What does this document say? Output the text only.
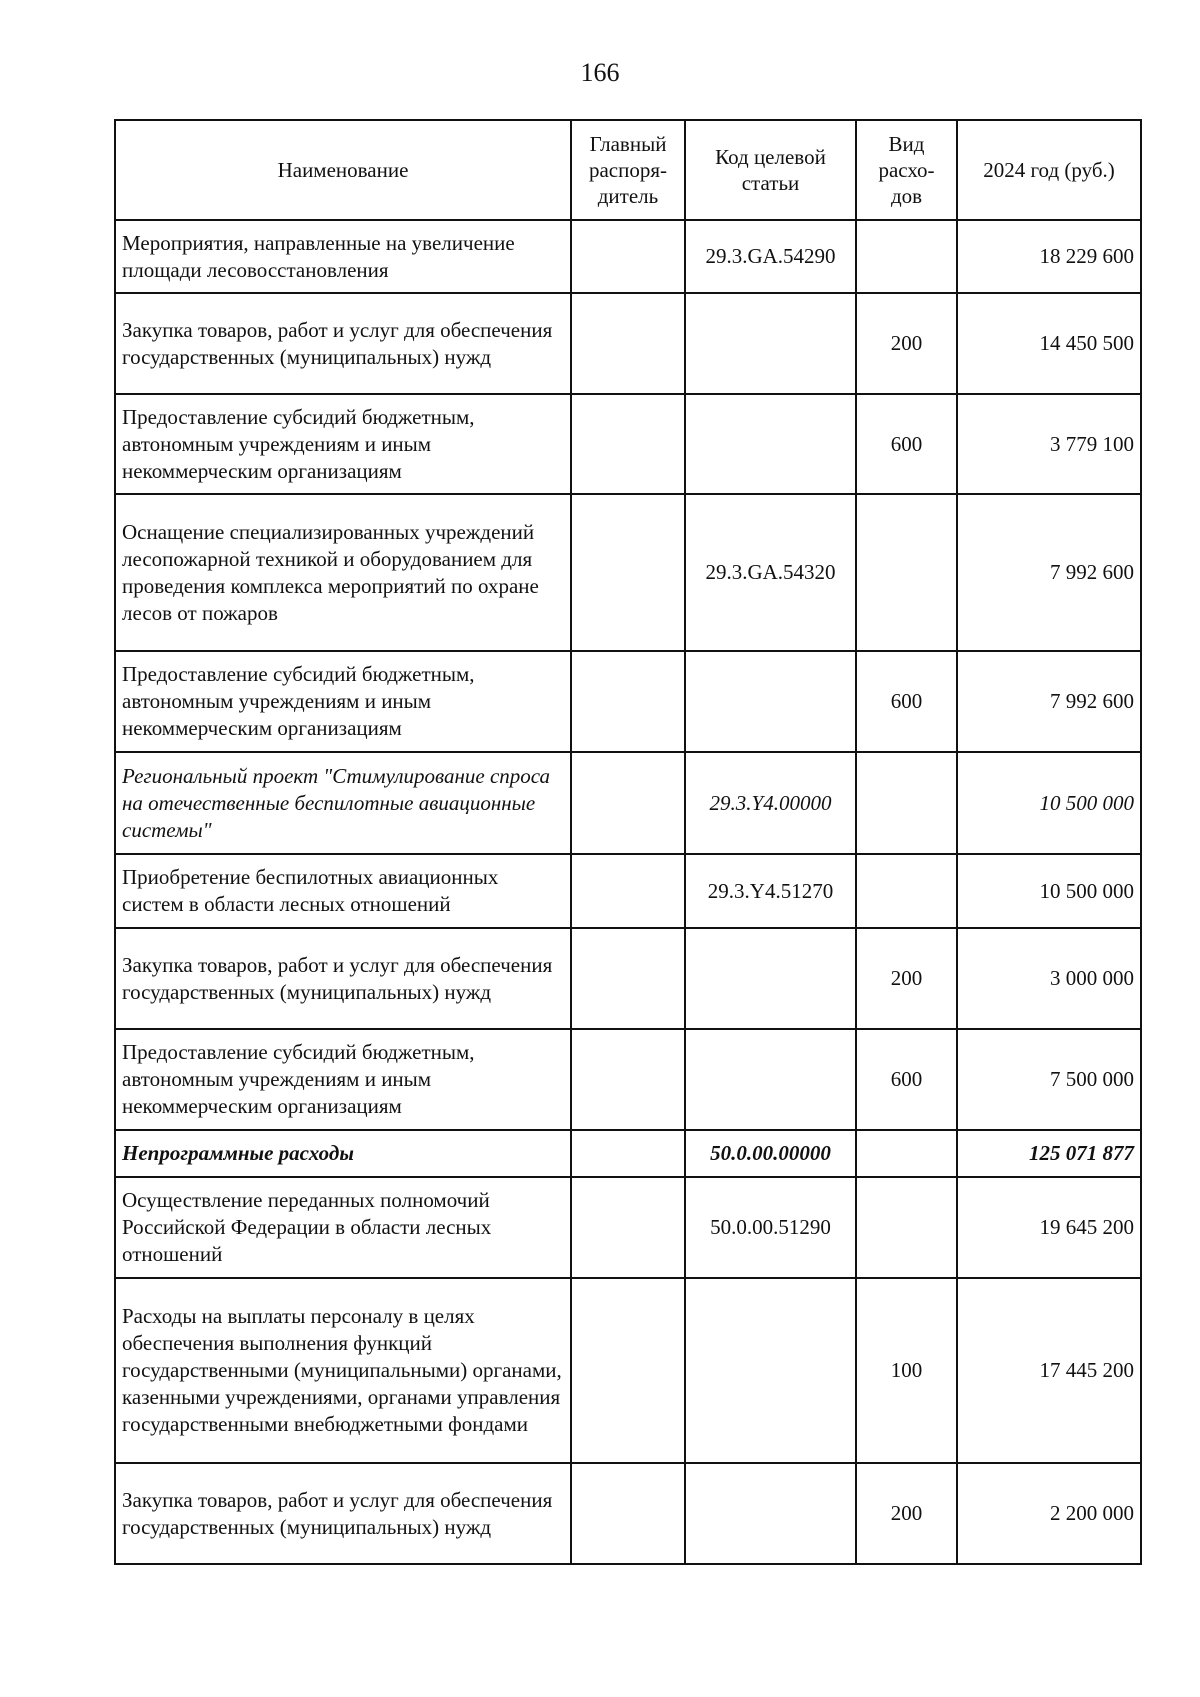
166
Наименование	Главный распоря-дитель	Код целевой статьи	Вид расхо-дов	2024 год (руб.)
Мероприятия, направленные на увеличение площади лесовосстановления		29.3.GA.54290		18 229 600
Закупка товаров, работ и услуг для обеспечения государственных (муниципальных) нужд			200	14 450 500
Предоставление субсидий бюджетным, автономным учреждениям и иным некоммерческим организациям			600	3 779 100
Оснащение специализированных учреждений лесопожарной техникой и оборудованием для проведения комплекса мероприятий по охране лесов от пожаров		29.3.GA.54320		7 992 600
Предоставление субсидий бюджетным, автономным учреждениям и иным некоммерческим организациям			600	7 992 600
Региональный проект "Стимулирование спроса на отечественные беспилотные авиационные системы"		29.3.Y4.00000		10 500 000
Приобретение беспилотных авиационных систем в области лесных отношений		29.3.Y4.51270		10 500 000
Закупка товаров, работ и услуг для обеспечения государственных (муниципальных) нужд			200	3 000 000
Предоставление субсидий бюджетным, автономным учреждениям и иным некоммерческим организациям			600	7 500 000
Непрограммные расходы		50.0.00.00000		125 071 877
Осуществление переданных полномочий Российской Федерации в области лесных отношений		50.0.00.51290		19 645 200
Расходы на выплаты персоналу в целях обеспечения выполнения функций государственными (муниципальными) органами, казенными учреждениями, органами управления государственными внебюджетными фондами			100	17 445 200
Закупка товаров, работ и услуг для обеспечения государственных (муниципальных) нужд			200	2 200 000
